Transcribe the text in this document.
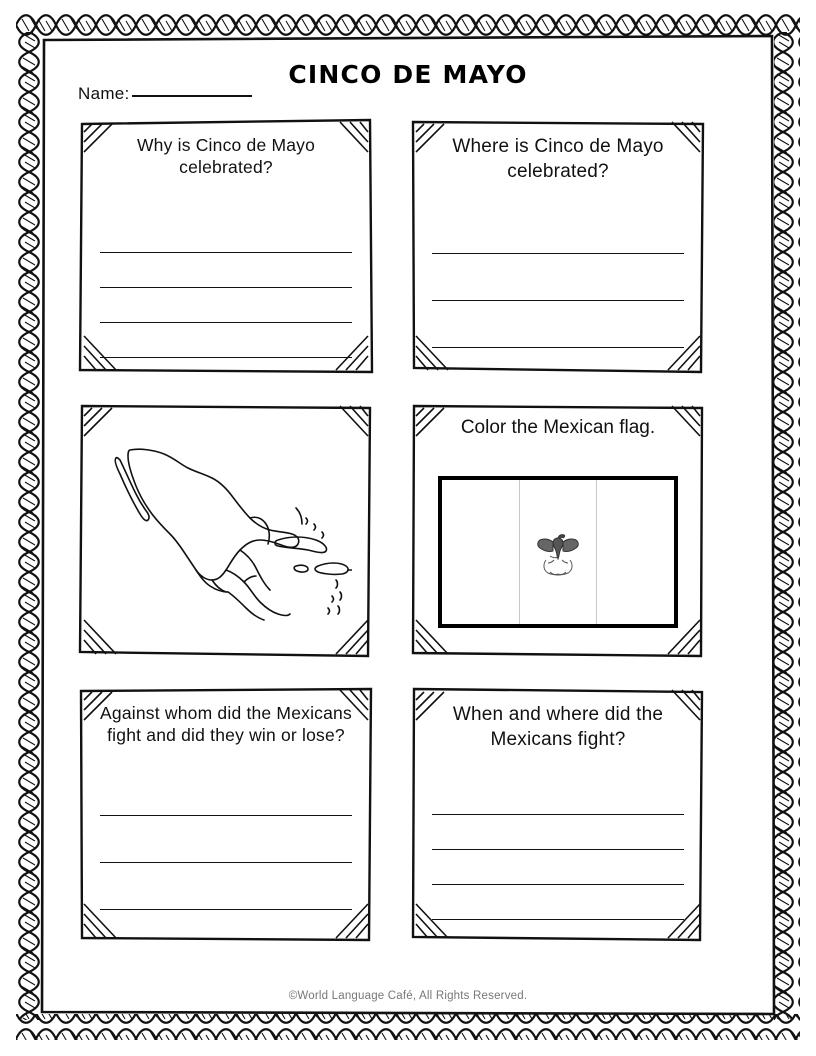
CINCO DE MAYO
Name:
Why is Cinco de Mayo celebrated?
Where is Cinco de Mayo celebrated?
Color the Mexican flag.
Against whom did the Mexicans fight and did they win or lose?
When and where did the Mexicans fight?
©World Language Café, All Rights Reserved.
